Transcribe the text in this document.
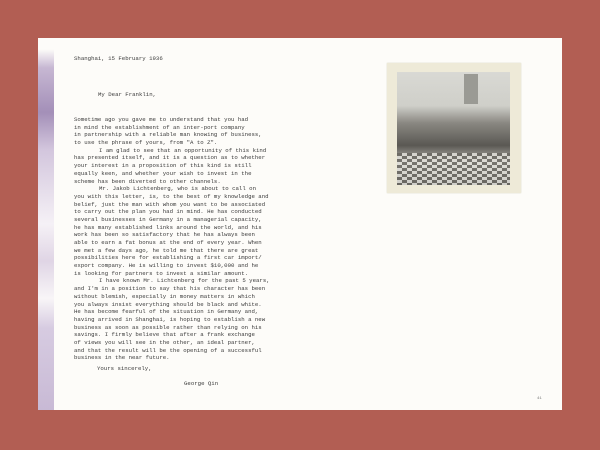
Shanghai, 15 February 1936
My Dear Franklin,
Sometime ago you gave me to understand that you had
in mind the establishment of an inter-port company
in partnership with a reliable man knowing of business,
to use the phrase of yours, from "A to Z".
I am glad to see that an opportunity of this kind
has presented itself, and it is a question as to whether
your interest in a proposition of this kind is still
equally keen, and whether your wish to invest in the
scheme has been diverted to other channels.
Mr. Jakob Lichtenberg, who is about to call on
you with this letter, is, to the best of my knowledge and
belief, just the man with whom you want to be associated
to carry out the plan you had in mind. He has conducted
several businesses in Germany in a managerial capacity,
he has many established links around the world, and his
work has been so satisfactory that he has always been
able to earn a fat bonus at the end of every year. When
we met a few days ago, he told me that there are great
possibilities here for establishing a first car import/
export company. He is willing to invest $10,000 and he
is looking for partners to invest a similar amount.
I have known Mr. Lichtenberg for the past 5 years,
and I'm in a position to say that his character has been
without blemish, especially in money matters in which
you always insist everything should be black and white.
He has become fearful of the situation in Germany and,
having arrived in Shanghai, is hoping to establish a new
business as soon as possible rather than relying on his
savings. I firmly believe that after a frank exchange
of views you will see in the other, an ideal partner,
and that the result will be the opening of a successful
business in the near future.
Yours sincerely,
George Qin
41
